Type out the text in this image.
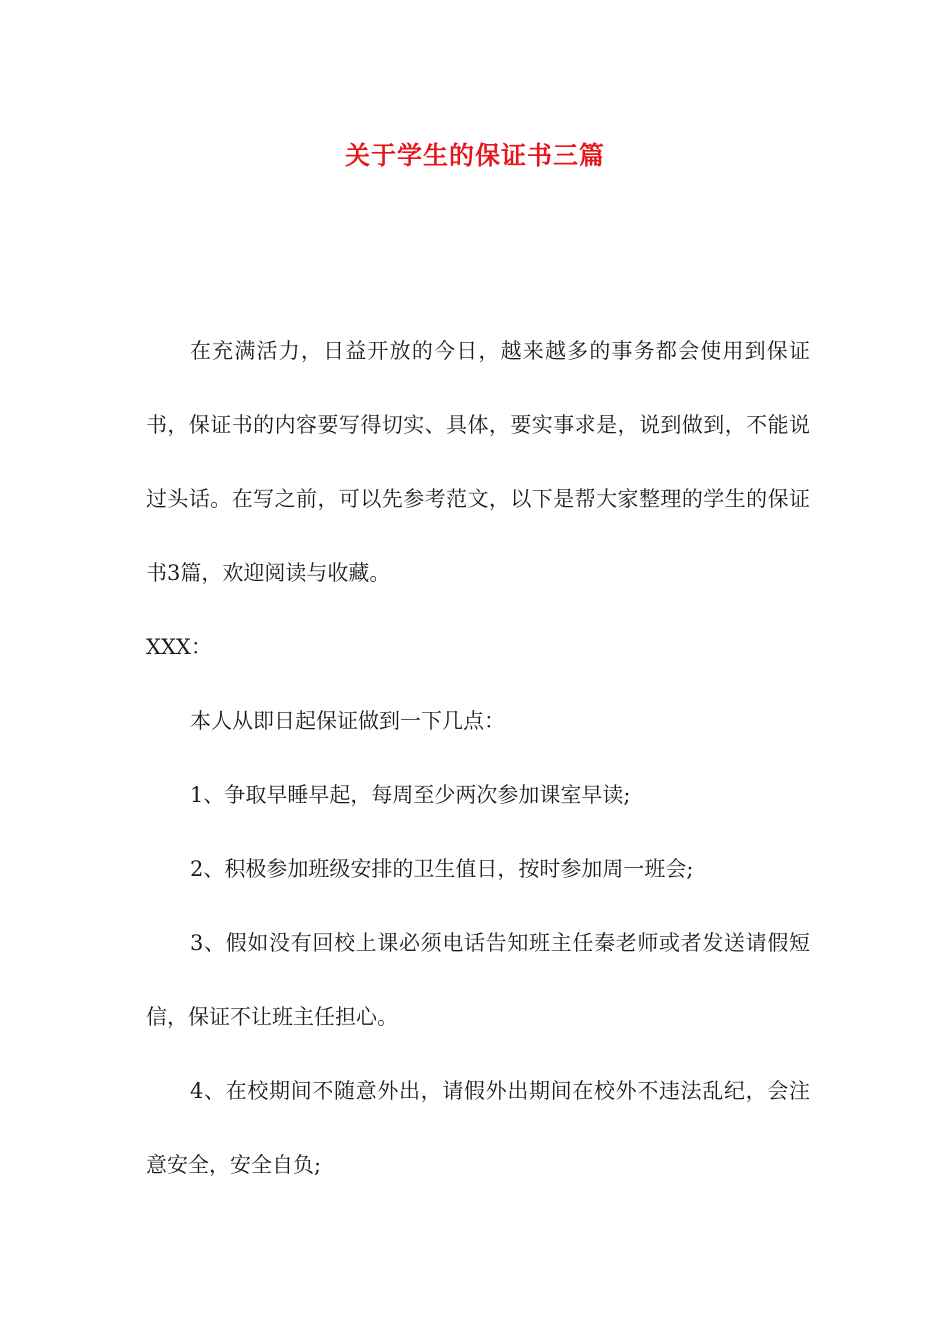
关于学生的保证书三篇

在充满活力，日益开放的今日，越来越多的事务都会使用到保证书，保证书的内容要写得切实、具体，要实事求是，说到做到，不能说过头话。在写之前，可以先参考范文，以下是帮大家整理的学生的保证书3篇，欢迎阅读与收藏。

XXX：

本人从即日起保证做到一下几点：

1、争取早睡早起，每周至少两次参加课室早读;

2、积极参加班级安排的卫生值日，按时参加周一班会;

3、假如没有回校上课必须电话告知班主任秦老师或者发送请假短信，保证不让班主任担心。

4、在校期间不随意外出，请假外出期间在校外不违法乱纪，会注意安全，安全自负;
